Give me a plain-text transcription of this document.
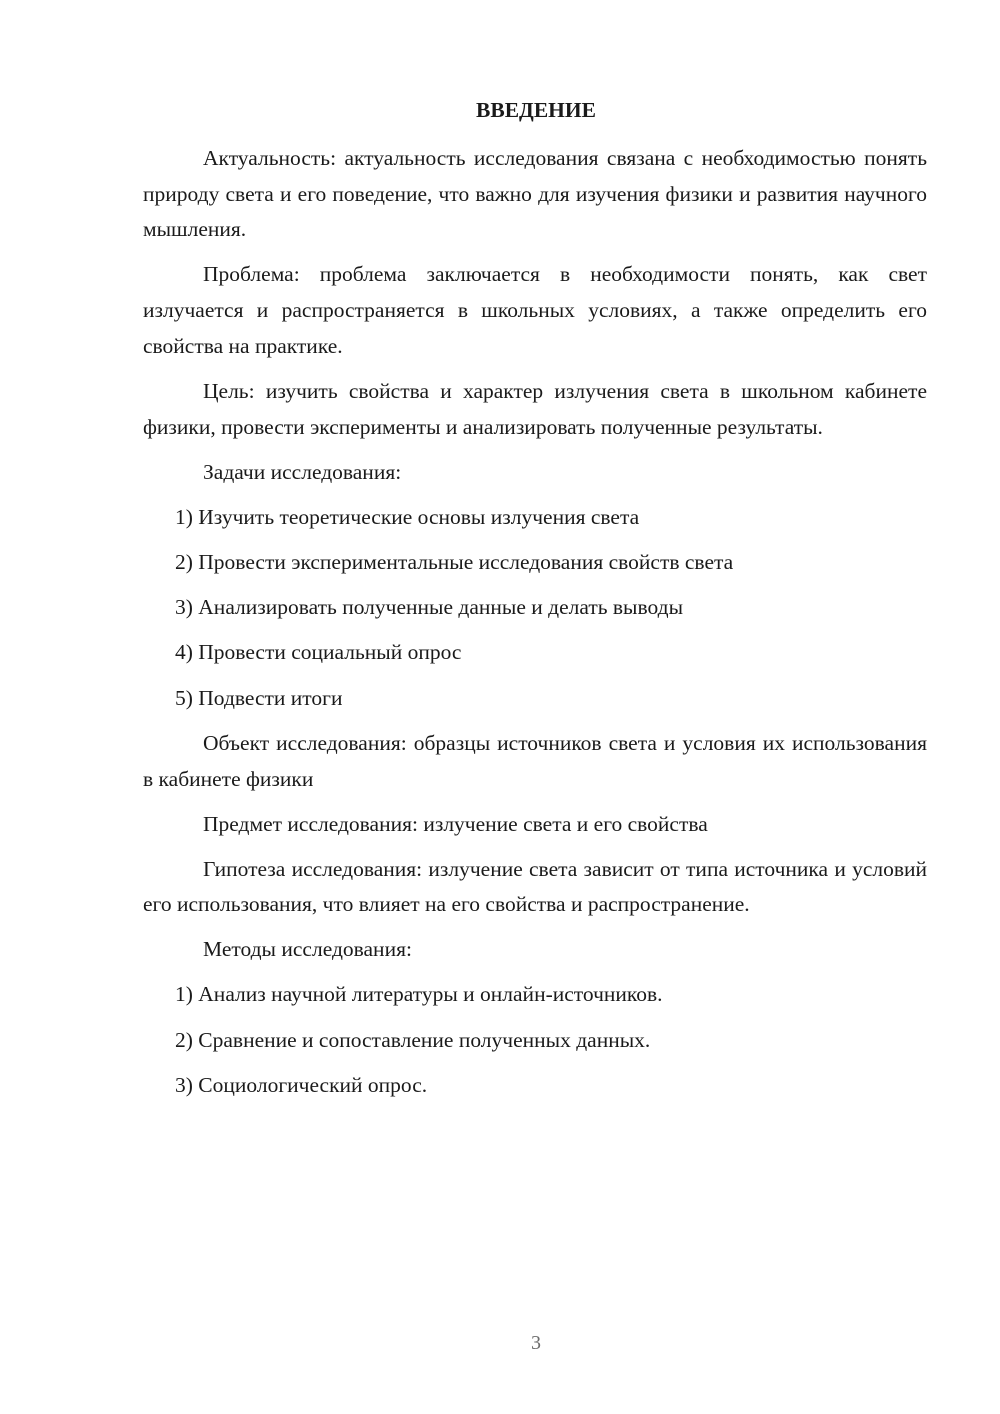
ВВЕДЕНИЕ

Актуальность: актуальность исследования связана с необходимостью понять природу света и его поведение, что важно для изучения физики и развития научного мышления.

Проблема: проблема заключается в необходимости понять, как свет излучается и распространяется в школьных условиях, а также определить его свойства на практике.

Цель: изучить свойства и характер излучения света в школьном кабинете физики, провести эксперименты и анализировать полученные результаты.

Задачи исследования:

1) Изучить теоретические основы излучения света

2) Провести экспериментальные исследования свойств света

3) Анализировать полученные данные и делать выводы

4) Провести социальный опрос

5) Подвести итоги

Объект исследования: образцы источников света и условия их использования в кабинете физики

Предмет исследования: излучение света и его свойства

Гипотеза исследования: излучение света зависит от типа источника и условий его использования, что влияет на его свойства и распространение.

Методы исследования:

1) Анализ научной литературы и онлайн-источников.

2) Сравнение и сопоставление полученных данных.

3) Социологический опрос.

3
